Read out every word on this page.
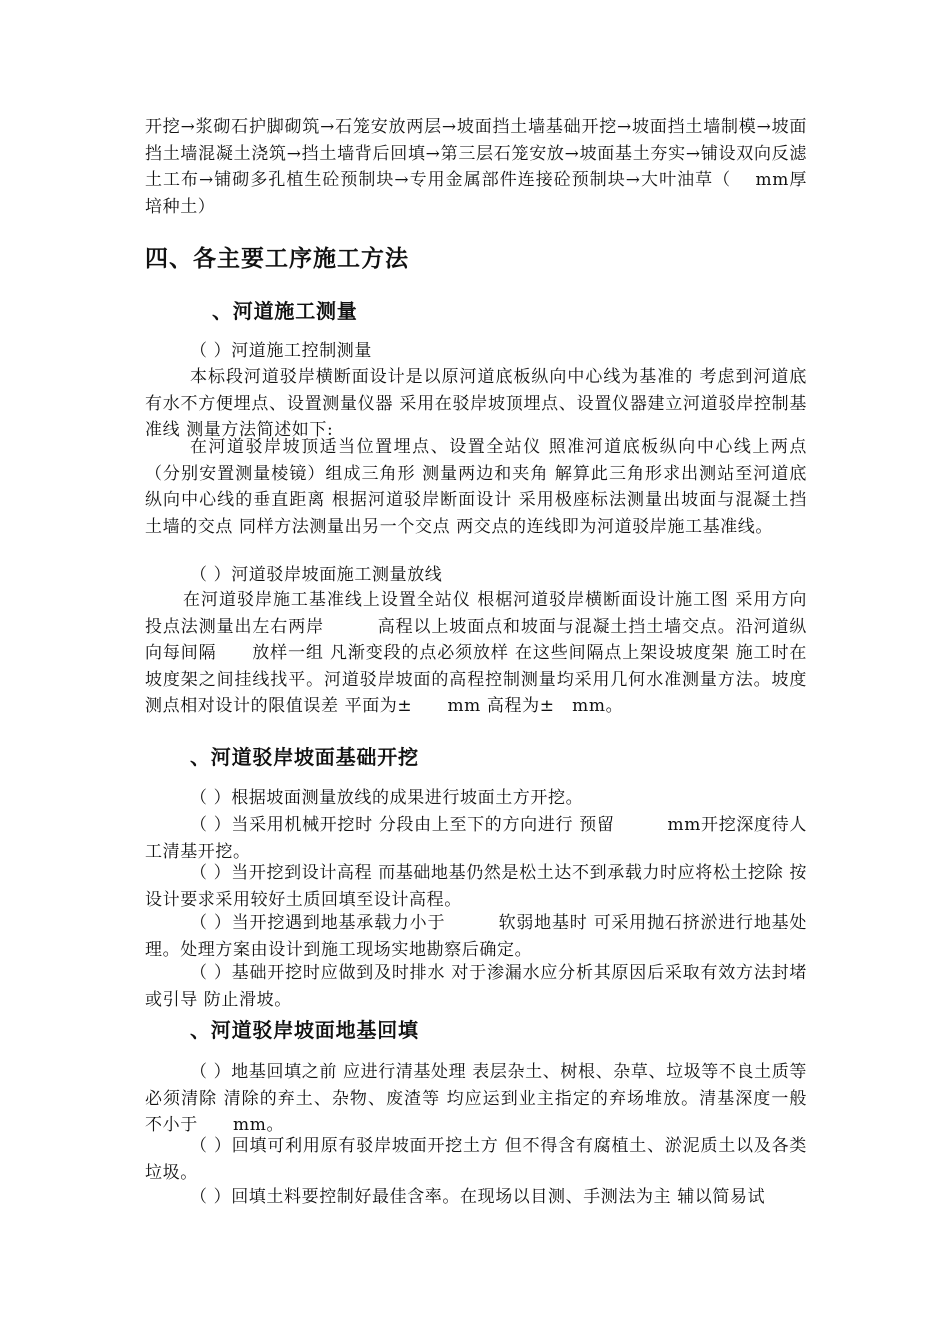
开挖→浆砌石护脚砌筑→石笼安放两层→坡面挡土墙基础开挖→坡面挡土墙制模→坡面挡土墙混凝土浇筑→挡土墙背后回填→第三层石笼安放→坡面基土夯实→铺设双向反滤土工布→铺砌多孔植生砼预制块→专用金属部件连接砼预制块→大叶油草（　 mm厚培种土）

四、各主要工序施工方法
、河道施工测量

（ ）河道施工控制测量

本标段河道驳岸横断面设计是以原河道底板纵向中心线为基准的 考虑到河道底有水不方便埋点、设置测量仪器 采用在驳岸坡顶埋点、设置仪器建立河道驳岸控制基准线 测量方法简述如下:

在河道驳岸坡顶适当位置埋点、设置全站仪 照准河道底板纵向中心线上两点（分别安置测量棱镜）组成三角形 测量两边和夹角 解算此三角形求出测站至河道底纵向中心线的垂直距离 根据河道驳岸断面设计 采用极座标法测量出坡面与混凝土挡土墙的交点 同样方法测量出另一个交点 两交点的连线即为河道驳岸施工基准线。

（ ）河道驳岸坡面施工测量放线

在河道驳岸施工基准线上设置全站仪 根椐河道驳岸横断面设计施工图 采用方向投点法测量出左右两岸　　　高程以上坡面点和坡面与混凝土挡土墙交点。沿河道纵向每间隔　　放样一组 凡渐变段的点必须放样 在这些间隔点上架设坡度架 施工时在坡度架之间挂线找平。河道驳岸坡面的高程控制测量均采用几何水准测量方法。坡度测点相对设计的限值误差 平面为±　　mm 高程为±　mm。

、河道驳岸坡面基础开挖

（ ）根据坡面测量放线的成果进行坡面土方开挖。

（ ）当采用机械开挖时 分段由上至下的方向进行 预留　　　mm开挖深度待人工清基开挖。

（ ）当开挖到设计高程 而基础地基仍然是松土达不到承载力时应将松土挖除 按设计要求采用较好土质回填至设计高程。

（ ）当开挖遇到地基承载力小于　　　软弱地基时 可采用抛石挤淤进行地基处理。处理方案由设计到施工现场实地勘察后确定。

（ ）基础开挖时应做到及时排水 对于渗漏水应分析其原因后采取有效方法封堵或引导 防止滑坡。

、河道驳岸坡面地基回填

（ ）地基回填之前 应进行清基处理 表层杂土、树根、杂草、垃圾等不良土质等必须清除 清除的弃土、杂物、废渣等 均应运到业主指定的弃场堆放。清基深度一般不小于　　mm。

（ ）回填可利用原有驳岸坡面开挖土方 但不得含有腐植土、淤泥质土以及各类垃圾。

（ ）回填土料要控制好最佳含率。在现场以目测、手测法为主 辅以简易试
